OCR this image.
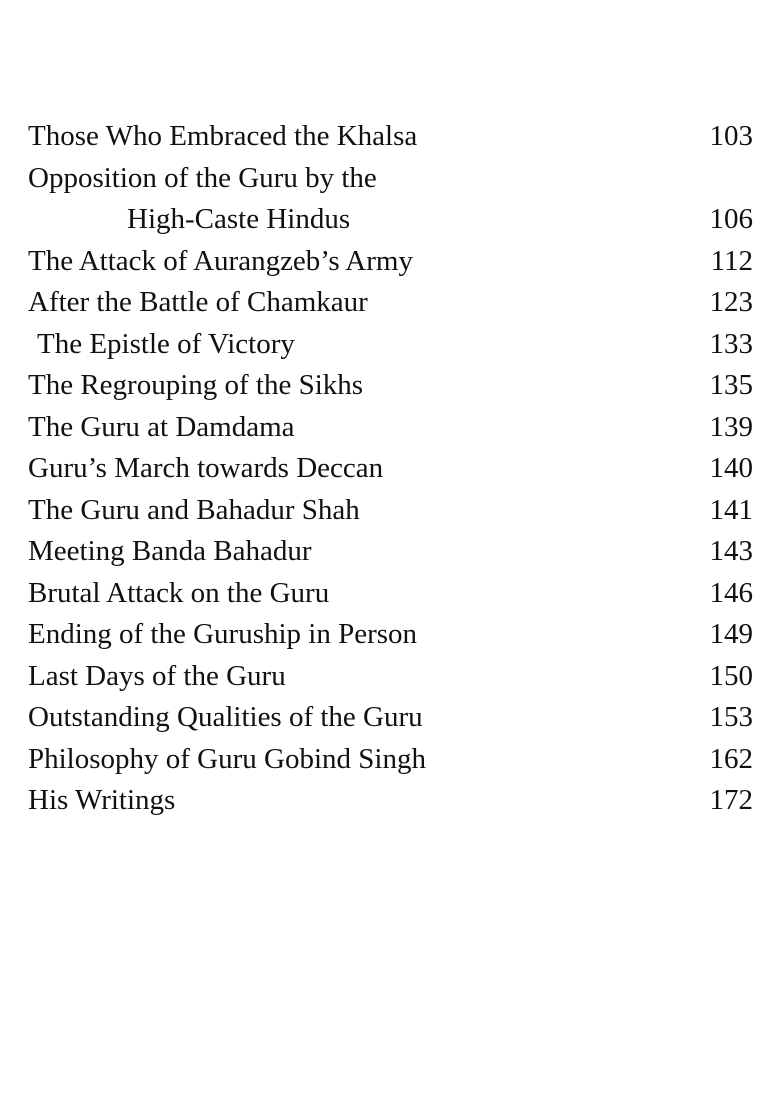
Those Who Embraced the Khalsa	103
Opposition of the Guru by the
High-Caste Hindus	106
The Attack of Aurangzeb’s Army	112
After the Battle of Chamkaur	123
The Epistle of Victory	133
The Regrouping of the Sikhs	135
The Guru at Damdama	139
Guru’s March towards Deccan	140
The Guru and Bahadur Shah	141
Meeting Banda Bahadur	143
Brutal Attack on the Guru	146
Ending of the Guruship in Person	149
Last Days of the Guru	150
Outstanding Qualities of the Guru	153
Philosophy of Guru Gobind Singh	162
His Writings	172
